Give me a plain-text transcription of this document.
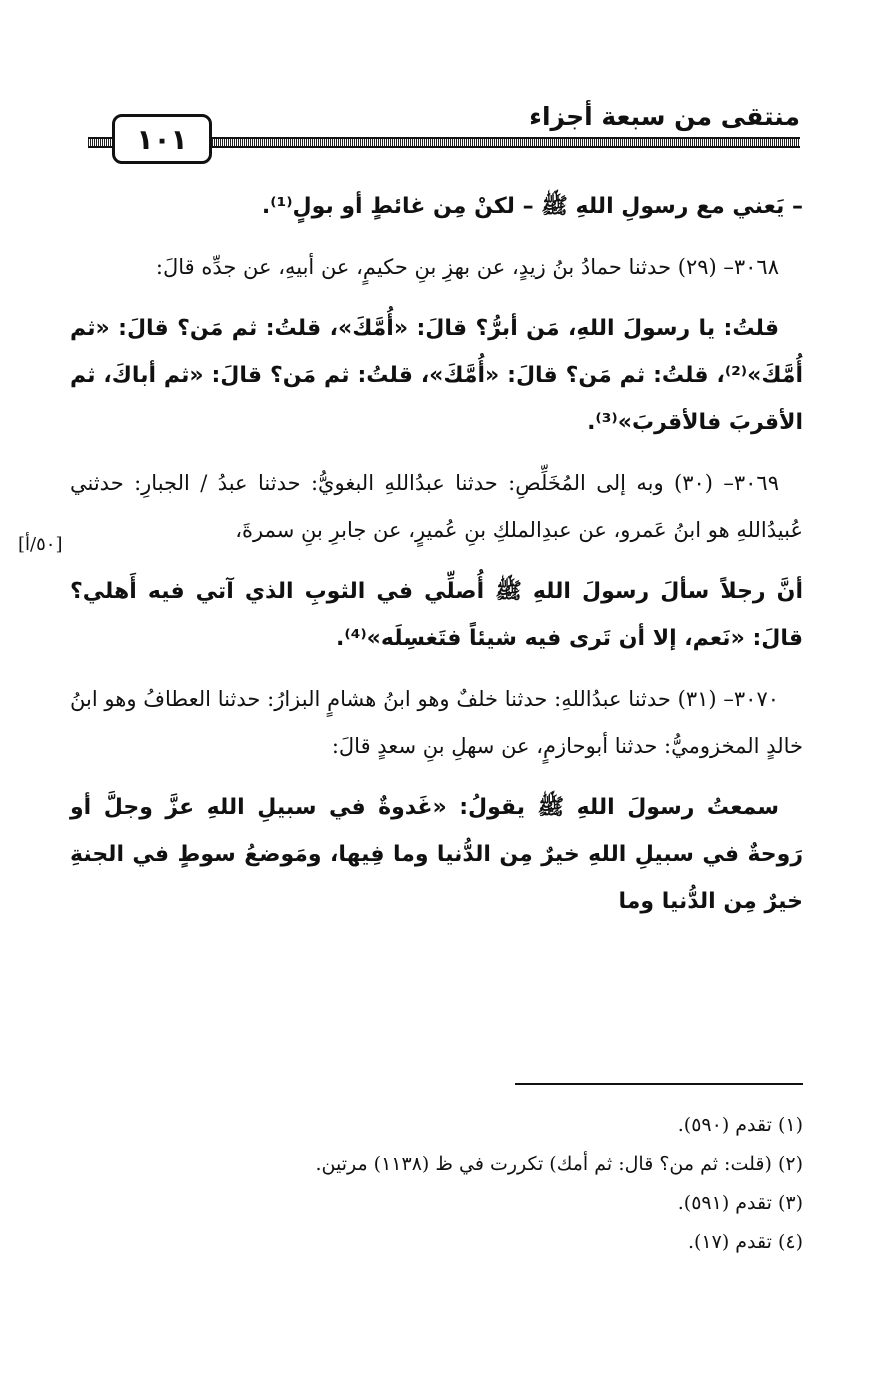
منتقى من سبعة أجزاء
١٠١
[٥٠/أ]

– يَعني مع رسولِ اللهِ ﷺ – لكنْ مِن غائطٍ أو بولٍ⁽¹⁾.

٣٠٦٨– (٢٩) حدثنا حمادُ بنُ زيدٍ، عن بهزِ بنِ حكيمٍ، عن أبيهِ، عن جدِّه قالَ:

قلتُ: يا رسولَ اللهِ، مَن أبرُّ؟ قالَ: «أُمَّكَ»، قلتُ: ثم مَن؟ قالَ: «ثم أُمَّكَ»⁽²⁾، قلتُ: ثم مَن؟ قالَ: «أُمَّكَ»، قلتُ: ثم مَن؟ قالَ: «ثم أباكَ، ثم الأقربَ فالأقربَ»⁽³⁾.

٣٠٦٩– (٣٠) وبه إلى المُخَلِّصِ: حدثنا عبدُاللهِ البغويُّ: حدثنا عبدُ / الجبارِ: حدثني عُبيدُاللهِ هو ابنُ عَمرو، عن عبدِالملكِ بنِ عُميرٍ، عن جابرِ بنِ سمرةَ،

أنَّ رجلاً سألَ رسولَ اللهِ ﷺ أُصلِّي في الثوبِ الذي آتي فيه أَهلي؟ قالَ: «نَعم، إلا أن تَرى فيه شيئاً فتَغسِلَه»⁽⁴⁾.

٣٠٧٠– (٣١) حدثنا عبدُاللهِ: حدثنا خلفٌ وهو ابنُ هشامٍ البزارُ: حدثنا العطافُ وهو ابنُ خالدٍ المخزوميُّ: حدثنا أبوحازمٍ، عن سهلِ بنِ سعدٍ قالَ:

سمعتُ رسولَ اللهِ ﷺ يقولُ: «غَدوةٌ في سبيلِ اللهِ عزَّ وجلَّ أو رَوحةٌ في سبيلِ اللهِ خيرٌ مِن الدُّنيا وما فِيها، ومَوضعُ سوطٍ في الجنةِ خيرٌ مِن الدُّنيا وما

(١) تقدم (٥٩٠).

(٢) (قلت: ثم من؟ قال: ثم أمك) تكررت في ظ (١١٣٨) مرتين.

(٣) تقدم (٥٩١).

(٤) تقدم (١٧).
